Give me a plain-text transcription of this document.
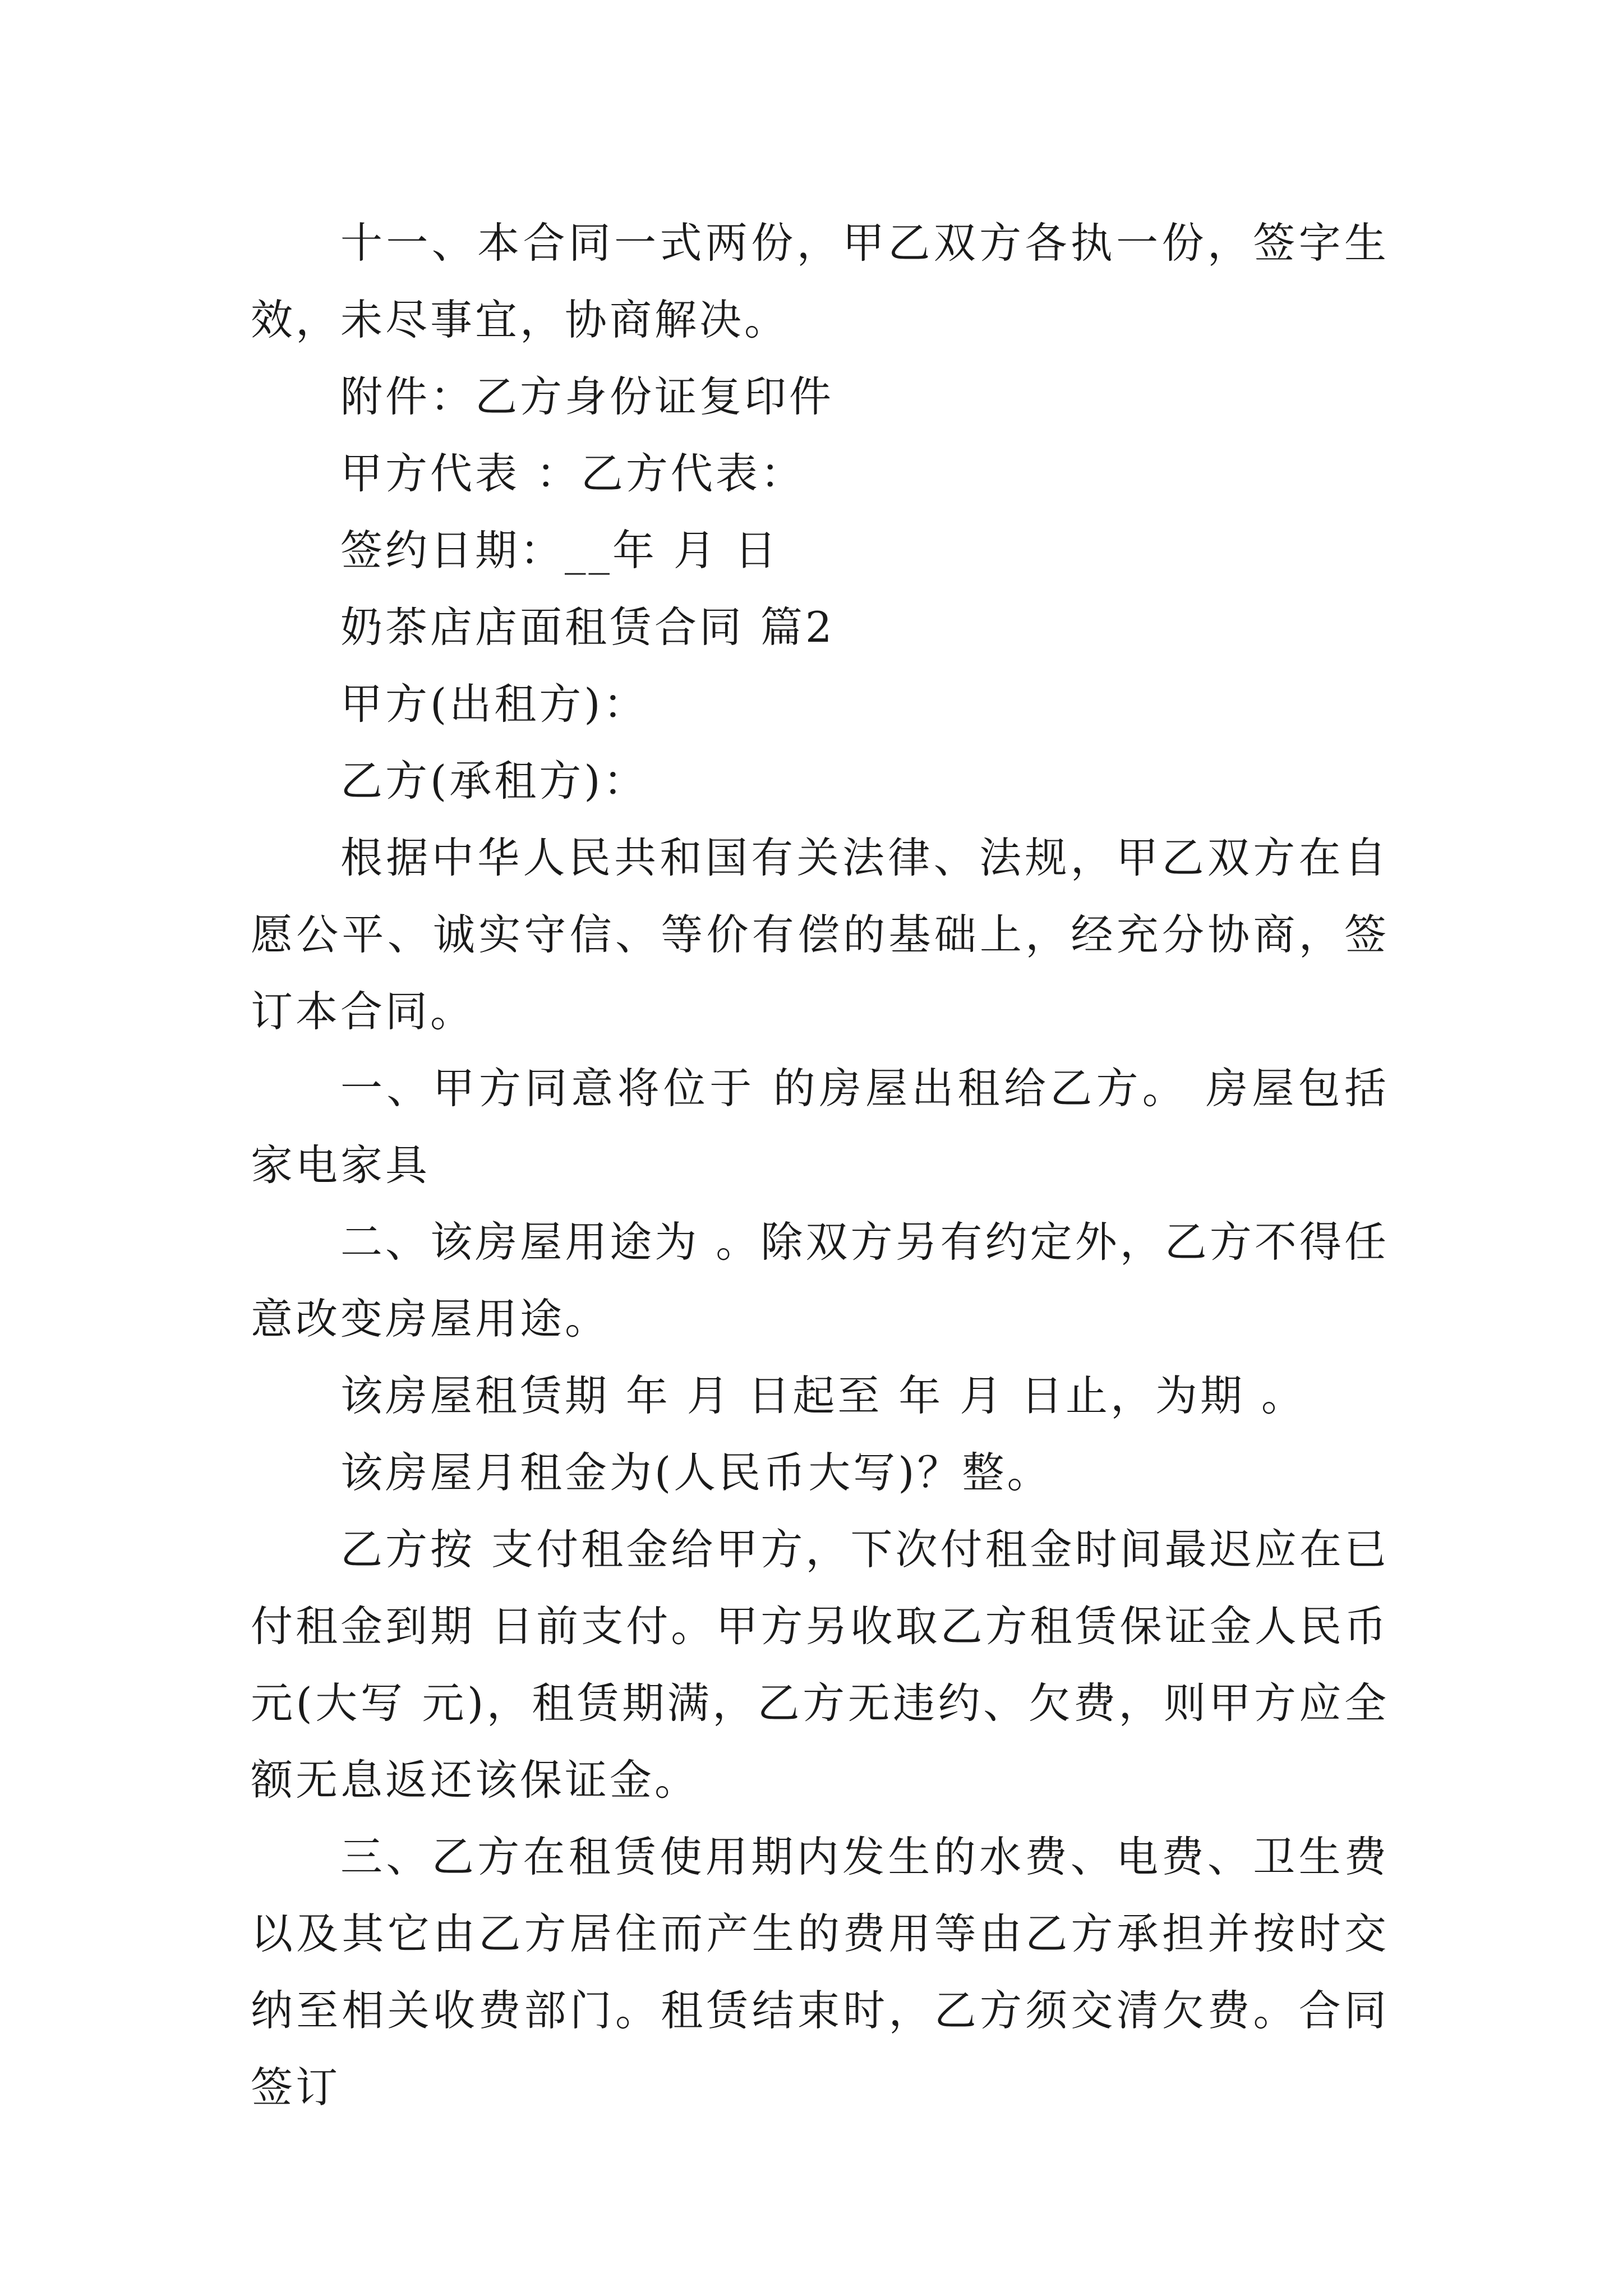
十一、本合同一式两份，甲乙双方各执一份，签字生效，未尽事宜，协商解决。

附件：乙方身份证复印件

甲方代表 ：乙方代表：

签约日期：__年 月 日

奶茶店店面租赁合同 篇2

甲方(出租方)：

乙方(承租方)：

根据中华人民共和国有关法律、法规，甲乙双方在自愿公平、诚实守信、等价有偿的基础上，经充分协商，签订本合同。

一、甲方同意将位于 的房屋出租给乙方。 房屋包括家电家具

二、该房屋用途为 。除双方另有约定外，乙方不得任意改变房屋用途。

该房屋租赁期 年 月 日起至 年 月 日止，为期 。

该房屋月租金为(人民币大写)？整。

乙方按 支付租金给甲方，下次付租金时间最迟应在已付租金到期 日前支付。甲方另收取乙方租赁保证金人民币 元(大写 元)，租赁期满，乙方无违约、欠费，则甲方应全额无息返还该保证金。

三、乙方在租赁使用期内发生的水费、电费、卫生费以及其它由乙方居住而产生的费用等由乙方承担并按时交纳至相关收费部门。租赁结束时，乙方须交清欠费。合同签订
